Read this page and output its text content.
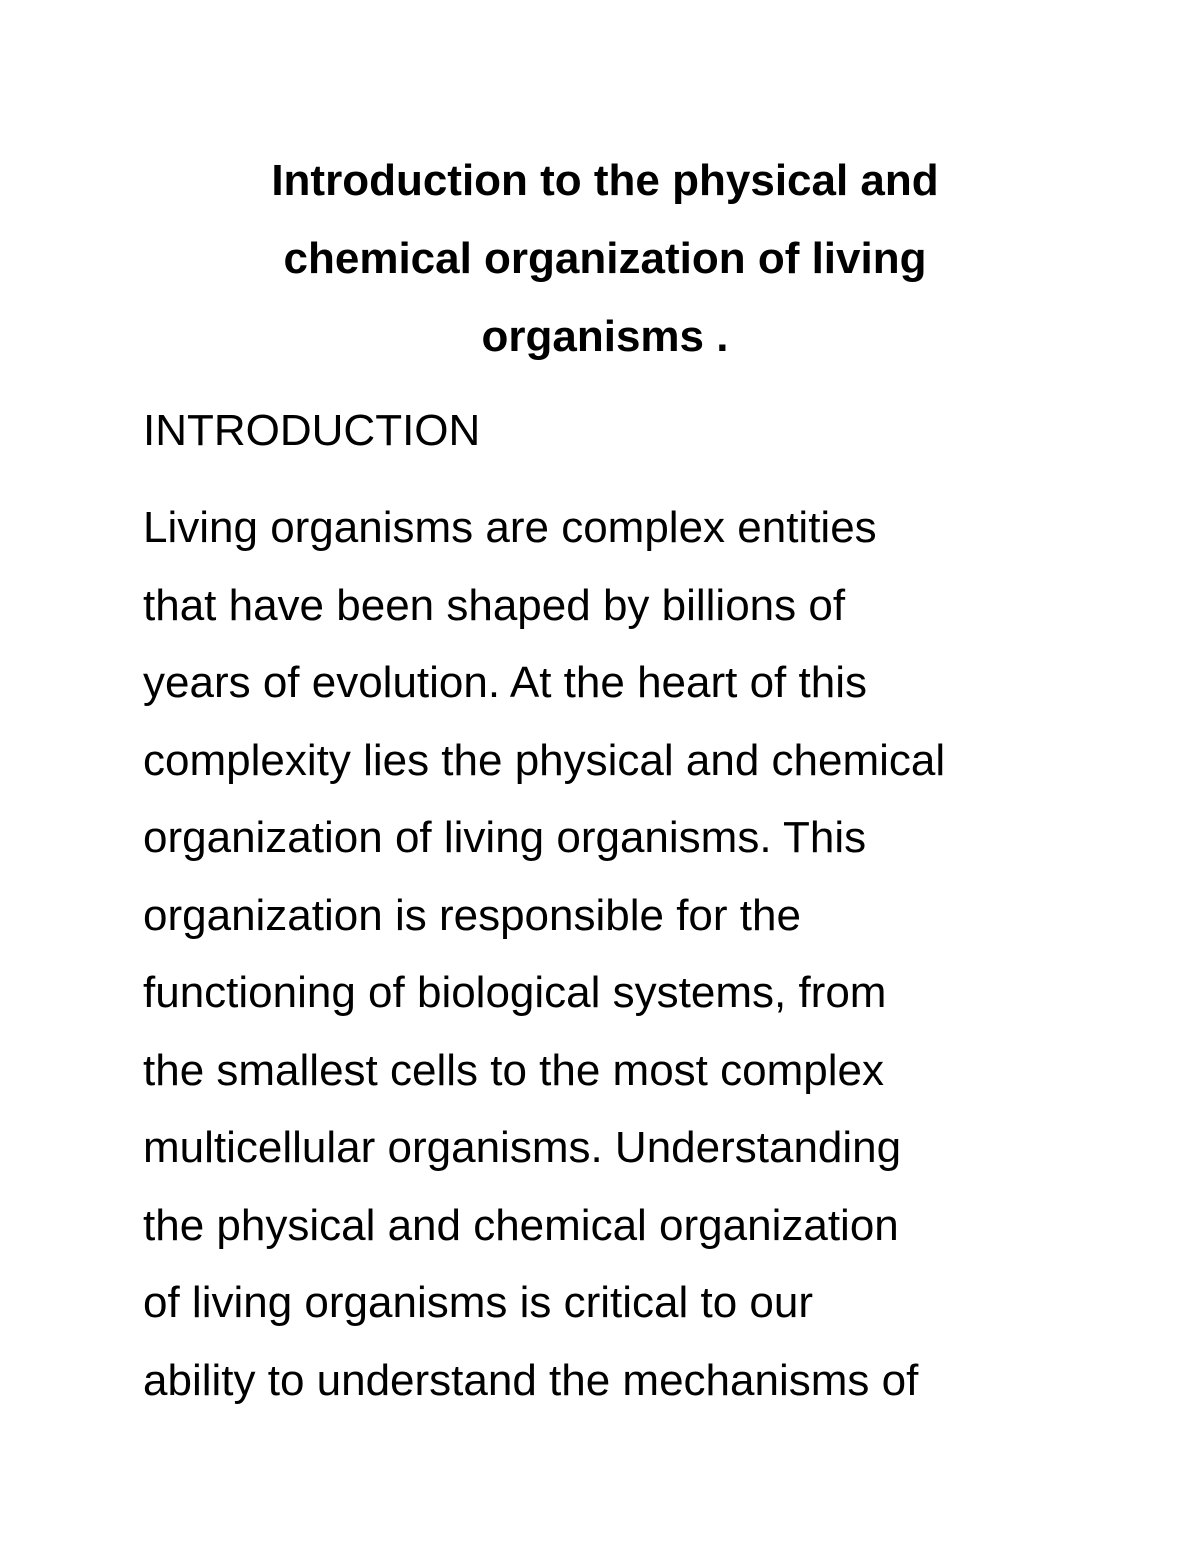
Introduction to the physical and
chemical organization of living
organisms .
INTRODUCTION

Living organisms are complex entities
that have been shaped by billions of
years of evolution. At the heart of this
complexity lies the physical and chemical
organization of living organisms. This
organization is responsible for the
functioning of biological systems, from
the smallest cells to the most complex
multicellular organisms. Understanding
the physical and chemical organization
of living organisms is critical to our
ability to understand the mechanisms of
